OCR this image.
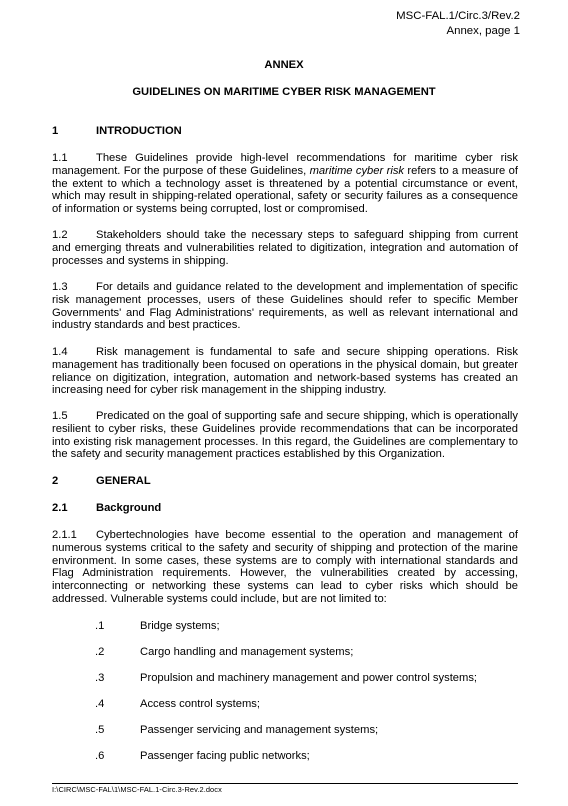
MSC-FAL.1/Circ.3/Rev.2
Annex, page 1
ANNEX
GUIDELINES ON MARITIME CYBER RISK MANAGEMENT
1	INTRODUCTION
1.1	These Guidelines provide high-level recommendations for maritime cyber risk management. For the purpose of these Guidelines, maritime cyber risk refers to a measure of the extent to which a technology asset is threatened by a potential circumstance or event, which may result in shipping-related operational, safety or security failures as a consequence of information or systems being corrupted, lost or compromised.
1.2	Stakeholders should take the necessary steps to safeguard shipping from current and emerging threats and vulnerabilities related to digitization, integration and automation of processes and systems in shipping.
1.3	For details and guidance related to the development and implementation of specific risk management processes, users of these Guidelines should refer to specific Member Governments' and Flag Administrations' requirements, as well as relevant international and industry standards and best practices.
1.4	Risk management is fundamental to safe and secure shipping operations. Risk management has traditionally been focused on operations in the physical domain, but greater reliance on digitization, integration, automation and network-based systems has created an increasing need for cyber risk management in the shipping industry.
1.5	Predicated on the goal of supporting safe and secure shipping, which is operationally resilient to cyber risks, these Guidelines provide recommendations that can be incorporated into existing risk management processes. In this regard, the Guidelines are complementary to the safety and security management practices established by this Organization.
2	GENERAL
2.1	Background
2.1.1 Cybertechnologies have become essential to the operation and management of numerous systems critical to the safety and security of shipping and protection of the marine environment. In some cases, these systems are to comply with international standards and Flag Administration requirements. However, the vulnerabilities created by accessing, interconnecting or networking these systems can lead to cyber risks which should be addressed. Vulnerable systems could include, but are not limited to:
.1	Bridge systems;
.2	Cargo handling and management systems;
.3	Propulsion and machinery management and power control systems;
.4	Access control systems;
.5	Passenger servicing and management systems;
.6	Passenger facing public networks;
I:\CIRC\MSC-FAL\1\MSC-FAL.1-Circ.3-Rev.2.docx
